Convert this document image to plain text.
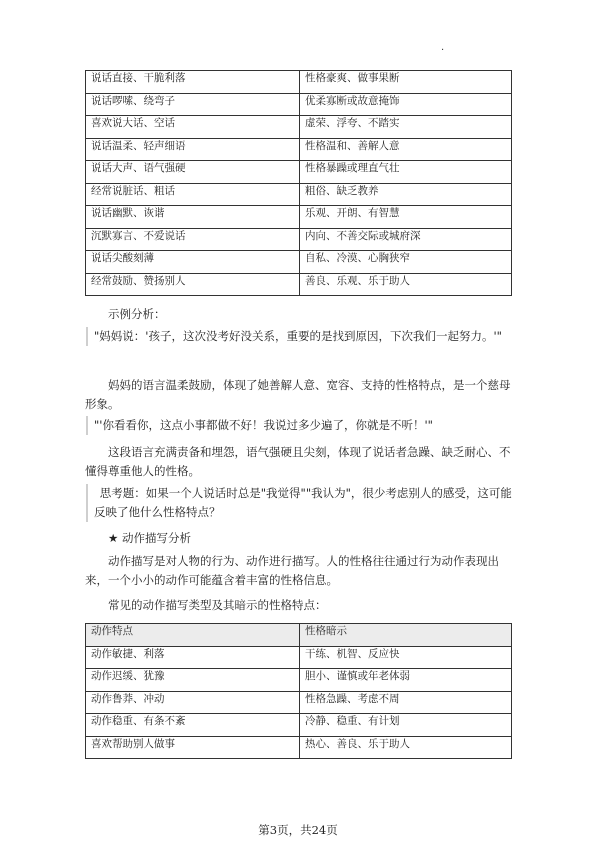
.
说话直接、干脆利落	性格豪爽、做事果断
说话啰嗦、绕弯子	优柔寡断或故意掩饰
喜欢说大话、空话	虚荣、浮夸、不踏实
说话温柔、轻声细语	性格温和、善解人意
说话大声、语气强硬	性格暴躁或理直气壮
经常说脏话、粗话	粗俗、缺乏教养
说话幽默、诙谐	乐观、开朗、有智慧
沉默寡言、不爱说话	内向、不善交际或城府深
说话尖酸刻薄	自私、冷漠、心胸狭窄
经常鼓励、赞扬别人	善良、乐观、乐于助人

示例分析：

"妈妈说：'孩子，这次没考好没关系，重要的是找到原因，下次我们一起努力。'"

妈妈的语言温柔鼓励，体现了她善解人意、宽容、支持的性格特点，是一个慈母形象。

"'你看看你，这点小事都做不好！我说过多少遍了，你就是不听！'"

这段语言充满责备和埋怨，语气强硬且尖刻，体现了说话者急躁、缺乏耐心、不懂得尊重他人的性格。

思考题：如果一个人说话时总是"我觉得""我认为"，很少考虑别人的感受，这可能反映了他什么性格特点？

★ 动作描写分析

动作描写是对人物的行为、动作进行描写。人的性格往往通过行为动作表现出来，一个小小的动作可能蕴含着丰富的性格信息。

常见的动作描写类型及其暗示的性格特点：

动作特点	性格暗示
动作敏捷、利落	干练、机智、反应快
动作迟缓、犹豫	胆小、谨慎或年老体弱
动作鲁莽、冲动	性格急躁、考虑不周
动作稳重、有条不紊	冷静、稳重、有计划
喜欢帮助别人做事	热心、善良、乐于助人
第3页，共24页
